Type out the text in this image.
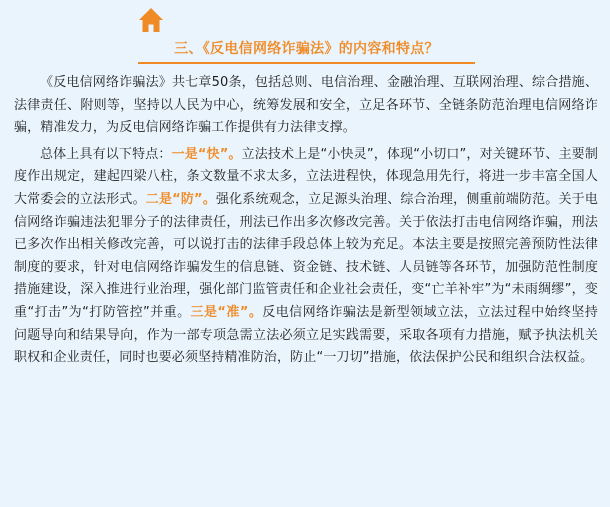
三、《反电信网络诈骗法》的内容和特点？

《反电信网络诈骗法》共七章50条，包括总则、电信治理、金融治理、互联网治理、综合措施、法律责任、附则等，坚持以人民为中心，统筹发展和安全，立足各环节、全链条防范治理电信网络诈骗，精准发力，为反电信网络诈骗工作提供有力法律支撑。

总体上具有以下特点：一是“快”。立法技术上是“小快灵”，体现“小切口”，对关键环节、主要制度作出规定，建起四梁八柱，条文数量不求太多，立法进程快，体现急用先行，将进一步丰富全国人大常委会的立法形式。二是“防”。强化系统观念，立足源头治理、综合治理，侧重前端防范。关于电信网络诈骗违法犯罪分子的法律责任，刑法已作出多次修改完善。关于依法打击电信网络诈骗，刑法已多次作出相关修改完善，可以说打击的法律手段总体上较为充足。本法主要是按照完善预防性法律制度的要求，针对电信网络诈骗发生的信息链、资金链、技术链、人员链等各环节，加强防范性制度措施建设，深入推进行业治理，强化部门监管责任和企业社会责任，变“亡羊补牢”为“未雨绸缪”，变重“打击”为“打防管控”并重。三是“准”。反电信网络诈骗法是新型领域立法，立法过程中始终坚持问题导向和结果导向，作为一部专项急需立法必须立足实践需要，采取各项有力措施，赋予执法机关职权和企业责任，同时也要必须坚持精准防治，防止“一刀切”措施，依法保护公民和组织合法权益。
